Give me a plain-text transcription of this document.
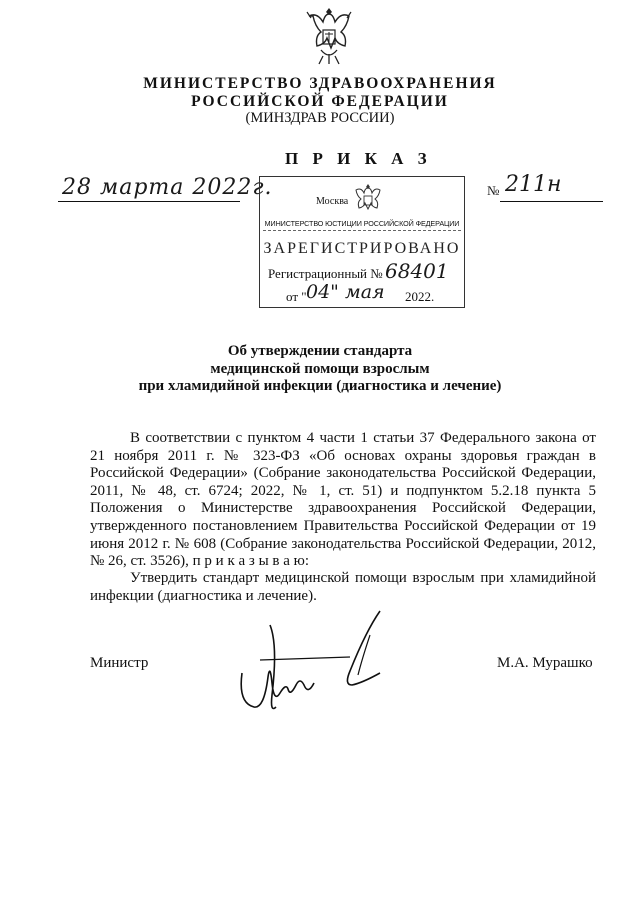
МИНИСТЕРСТВО ЗДРАВООХРАНЕНИЯ
РОССИЙСКОЙ ФЕДЕРАЦИИ
(МИНЗДРАВ РОССИИ)
П Р И К А З
28 марта 2022г.	№ 211н
Москва
МИНИСТЕРСТВО ЮСТИЦИИ РОССИЙСКОЙ ФЕДЕРАЦИИ
ЗАРЕГИСТРИРОВАНО
Регистрационный № 68401
от " 04" мая 2022.
Об утверждении стандарта
медицинской помощи взрослым
при хламидийной инфекции (диагностика и лечение)

В соответствии с пунктом 4 части 1 статьи 37 Федерального закона от 21 ноября 2011 г. № 323-ФЗ «Об основах охраны здоровья граждан в Российской Федерации» (Собрание законодательства Российской Федерации, 2011, № 48, ст. 6724; 2022, № 1, ст. 51) и подпунктом 5.2.18 пункта 5 Положения о Министерстве здравоохранения Российской Федерации, утвержденного постановлением Правительства Российской Федерации от 19 июня 2012 г. № 608 (Собрание законодательства Российской Федерации, 2012, № 26, ст. 3526), п р и к а з ы в а ю:

Утвердить стандарт медицинской помощи взрослым при хламидийной инфекции (диагностика и лечение).

Министр	М.А. Мурашко
